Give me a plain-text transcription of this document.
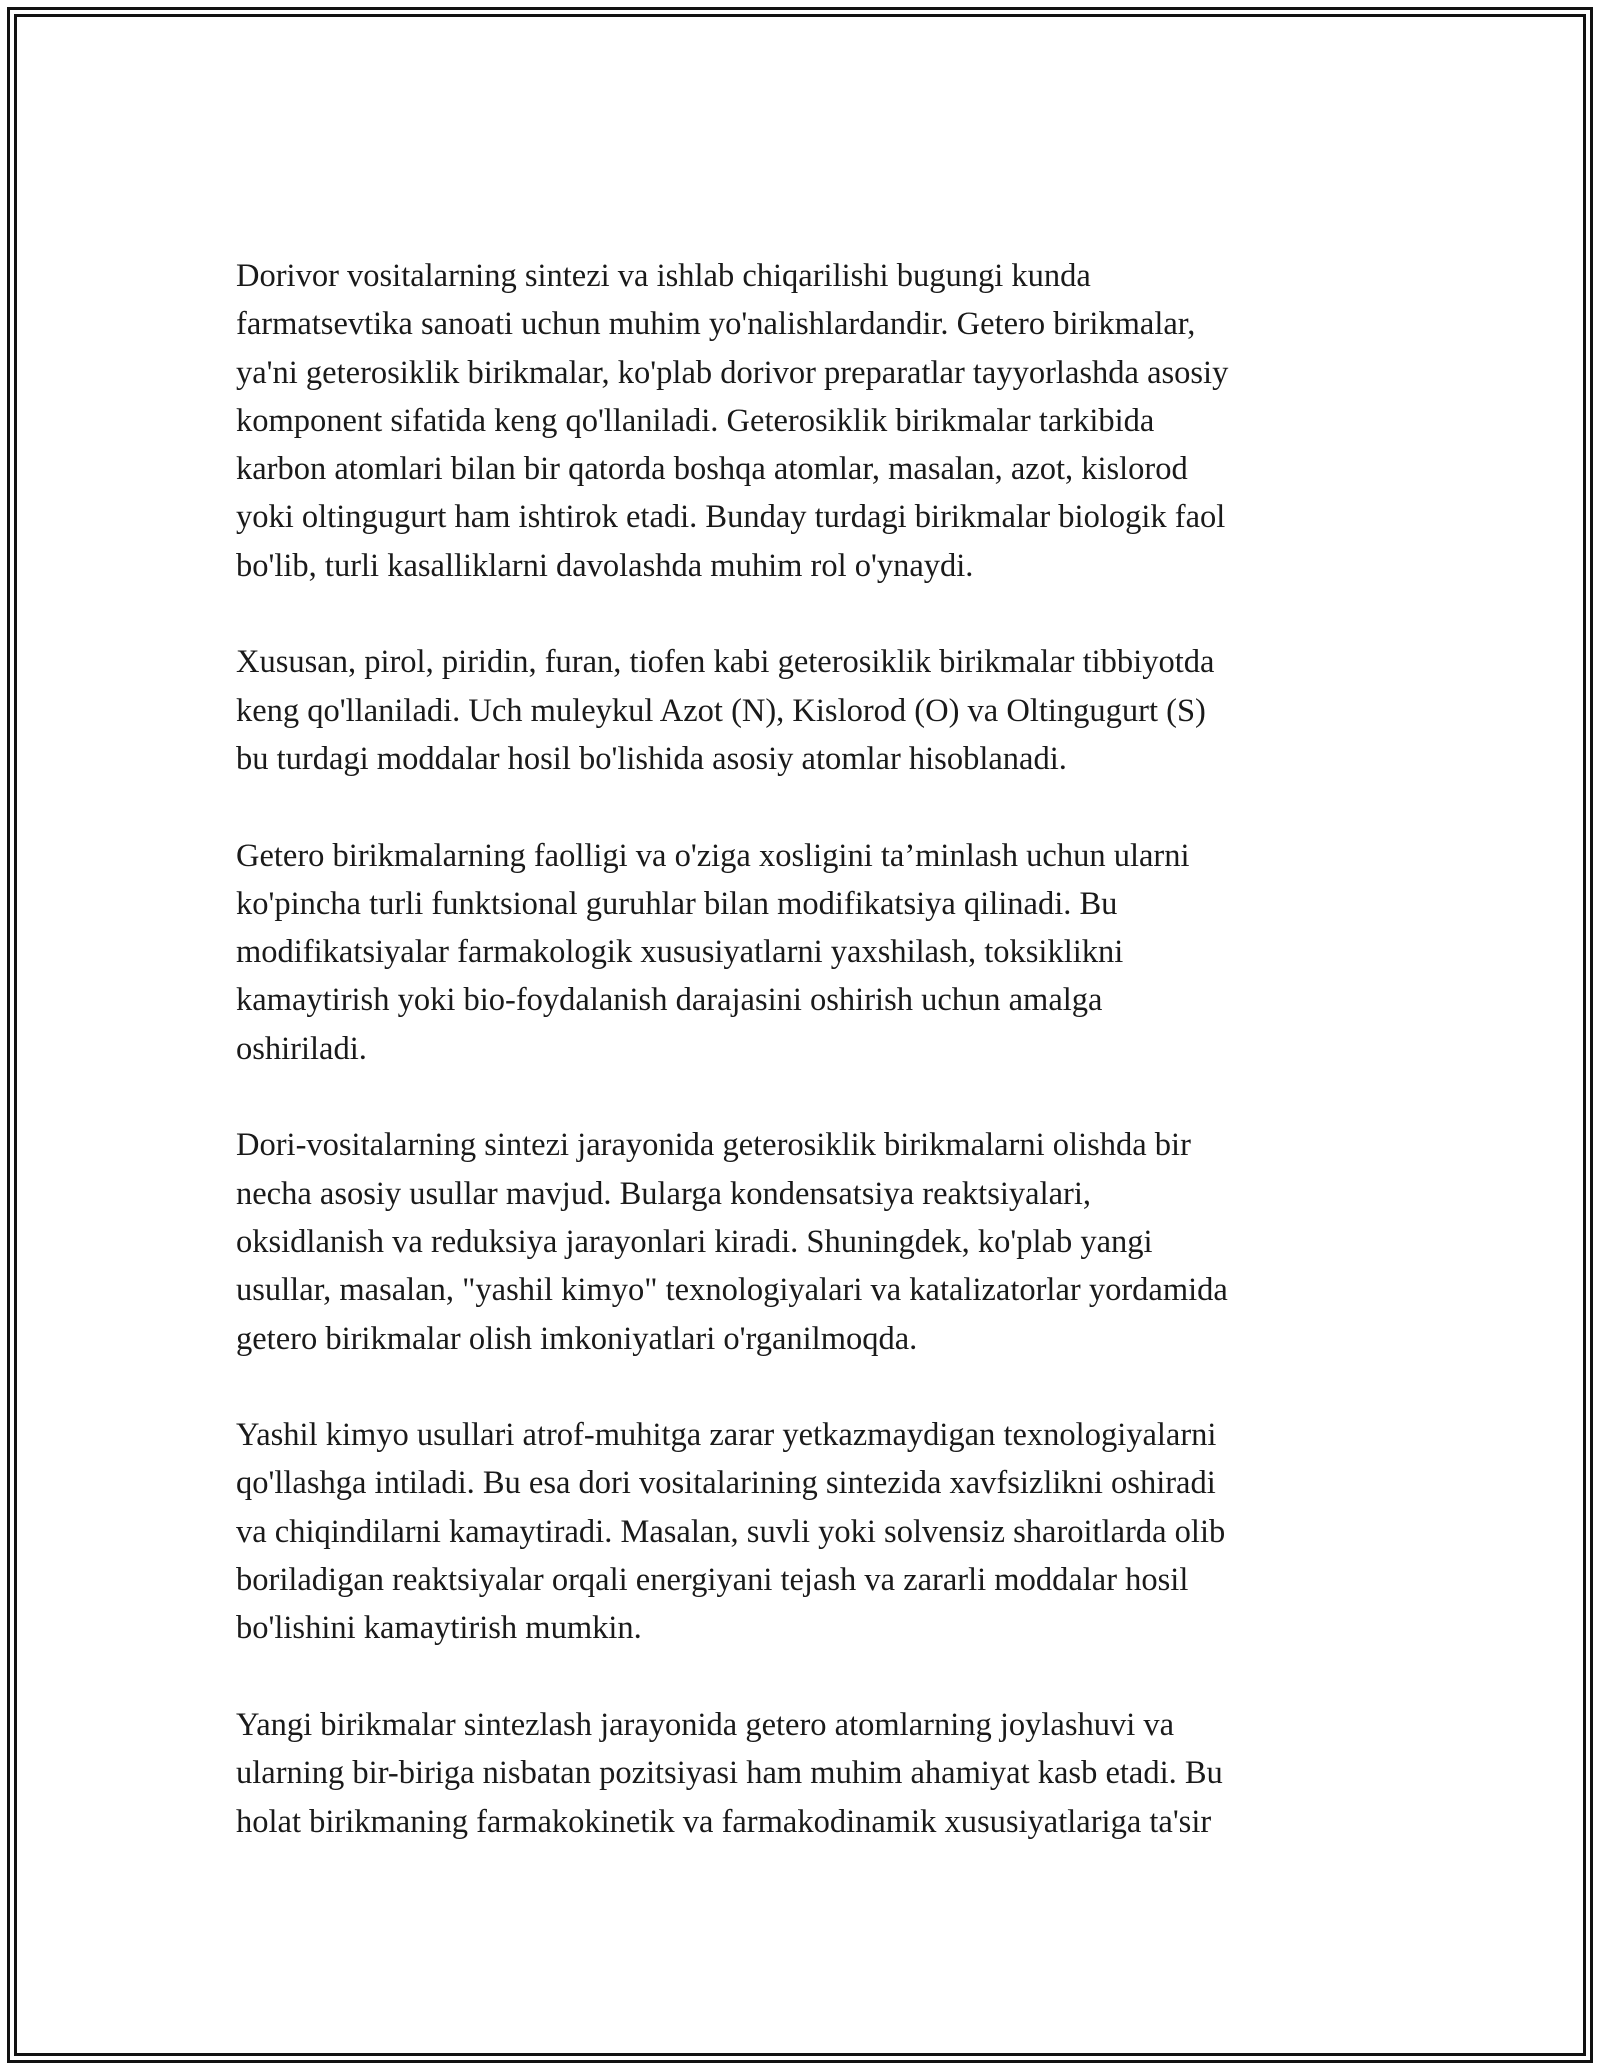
Dorivor vositalarning sintezi va ishlab chiqarilishi bugungi kunda
farmatsevtika sanoati uchun muhim yo'nalishlardandir. Getero birikmalar,
ya'ni geterosiklik birikmalar, ko'plab dorivor preparatlar tayyorlashda asosiy
komponent sifatida keng qo'llaniladi. Geterosiklik birikmalar tarkibida
karbon atomlari bilan bir qatorda boshqa atomlar, masalan, azot, kislorod
yoki oltingugurt ham ishtirok etadi. Bunday turdagi birikmalar biologik faol
bo'lib, turli kasalliklarni davolashda muhim rol o'ynaydi.

Xususan, pirol, piridin, furan, tiofen kabi geterosiklik birikmalar tibbiyotda
keng qo'llaniladi. Uch muleykul Azot (N), Kislorod (O) va Oltingugurt (S)
bu turdagi moddalar hosil bo'lishida asosiy atomlar hisoblanadi.

Getero birikmalarning faolligi va o'ziga xosligini ta’minlash uchun ularni
ko'pincha turli funktsional guruhlar bilan modifikatsiya qilinadi. Bu
modifikatsiyalar farmakologik xususiyatlarni yaxshilash, toksiklikni
kamaytirish yoki bio-foydalanish darajasini oshirish uchun amalga
oshiriladi.

Dori-vositalarning sintezi jarayonida geterosiklik birikmalarni olishda bir
necha asosiy usullar mavjud. Bularga kondensatsiya reaktsiyalari,
oksidlanish va reduksiya jarayonlari kiradi. Shuningdek, ko'plab yangi
usullar, masalan, "yashil kimyo" texnologiyalari va katalizatorlar yordamida
getero birikmalar olish imkoniyatlari o'rganilmoqda.

Yashil kimyo usullari atrof-muhitga zarar yetkazmaydigan texnologiyalarni
qo'llashga intiladi. Bu esa dori vositalarining sintezida xavfsizlikni oshiradi
va chiqindilarni kamaytiradi. Masalan, suvli yoki solvensiz sharoitlarda olib
boriladigan reaktsiyalar orqali energiyani tejash va zararli moddalar hosil
bo'lishini kamaytirish mumkin.

Yangi birikmalar sintezlash jarayonida getero atomlarning joylashuvi va
ularning bir-biriga nisbatan pozitsiyasi ham muhim ahamiyat kasb etadi. Bu
holat birikmaning farmakokinetik va farmakodinamik xususiyatlariga ta'sir
